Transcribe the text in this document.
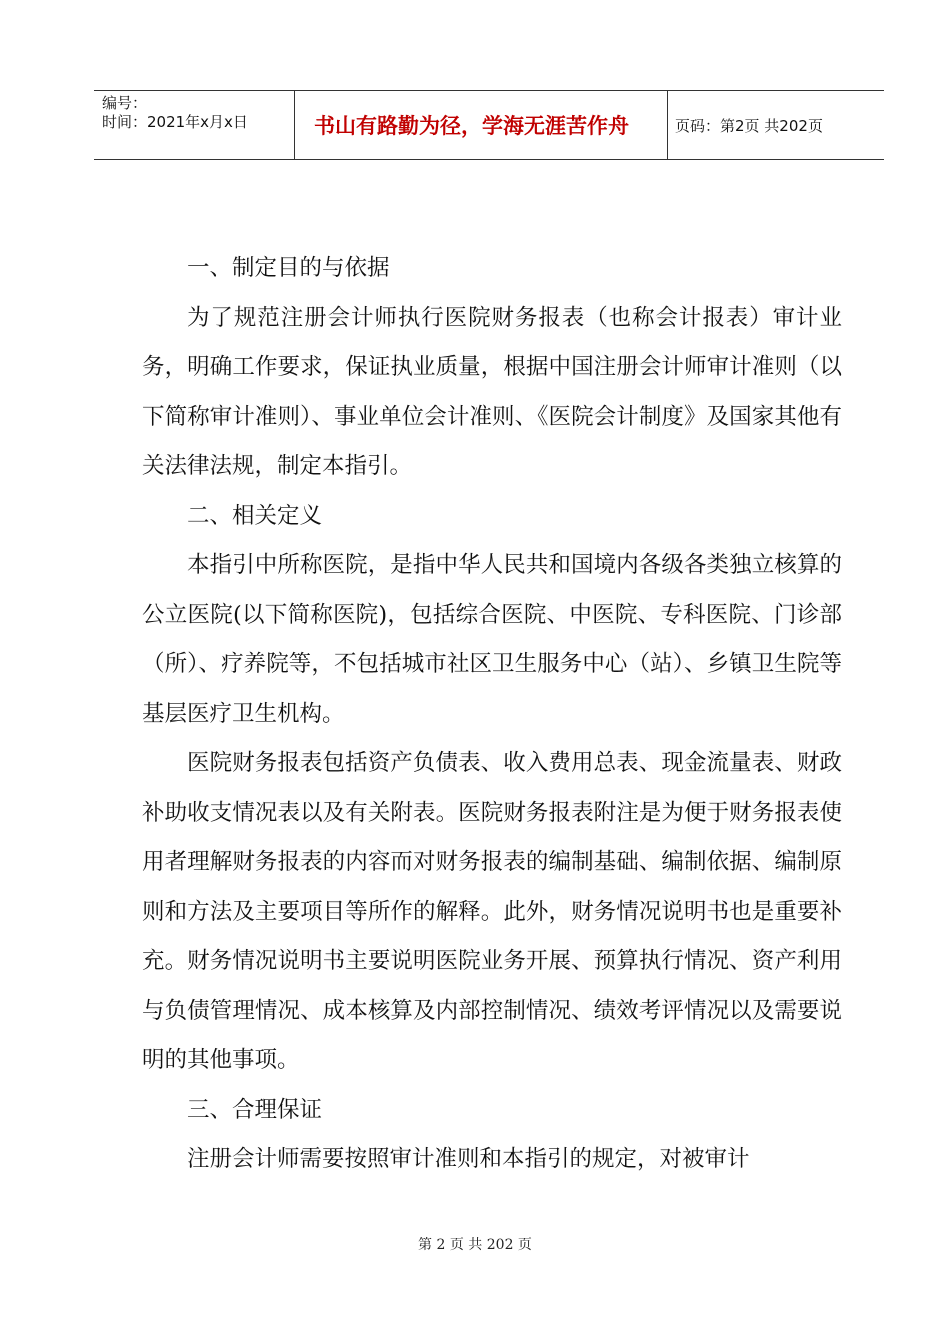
编号：
时间：2021年x月x日	书山有路勤为径，学海无涯苦作舟	页码：第2页 共202页

一、制定目的与依据

为了规范注册会计师执行医院财务报表（也称会计报表）审计业务，明确工作要求，保证执业质量，根据中国注册会计师审计准则（以下简称审计准则）、事业单位会计准则、《医院会计制度》及国家其他有关法律法规，制定本指引。

二、相关定义

本指引中所称医院，是指中华人民共和国境内各级各类独立核算的公立医院(以下简称医院)，包括综合医院、中医院、专科医院、门诊部（所）、疗养院等，不包括城市社区卫生服务中心（站）、乡镇卫生院等基层医疗卫生机构。

医院财务报表包括资产负债表、收入费用总表、现金流量表、财政补助收支情况表以及有关附表。医院财务报表附注是为便于财务报表使用者理解财务报表的内容而对财务报表的编制基础、编制依据、编制原则和方法及主要项目等所作的解释。此外，财务情况说明书也是重要补充。财务情况说明书主要说明医院业务开展、预算执行情况、资产利用与负债管理情况、成本核算及内部控制情况、绩效考评情况以及需要说明的其他事项。

三、合理保证

注册会计师需要按照审计准则和本指引的规定，对被审计

第 2 页 共 202 页
